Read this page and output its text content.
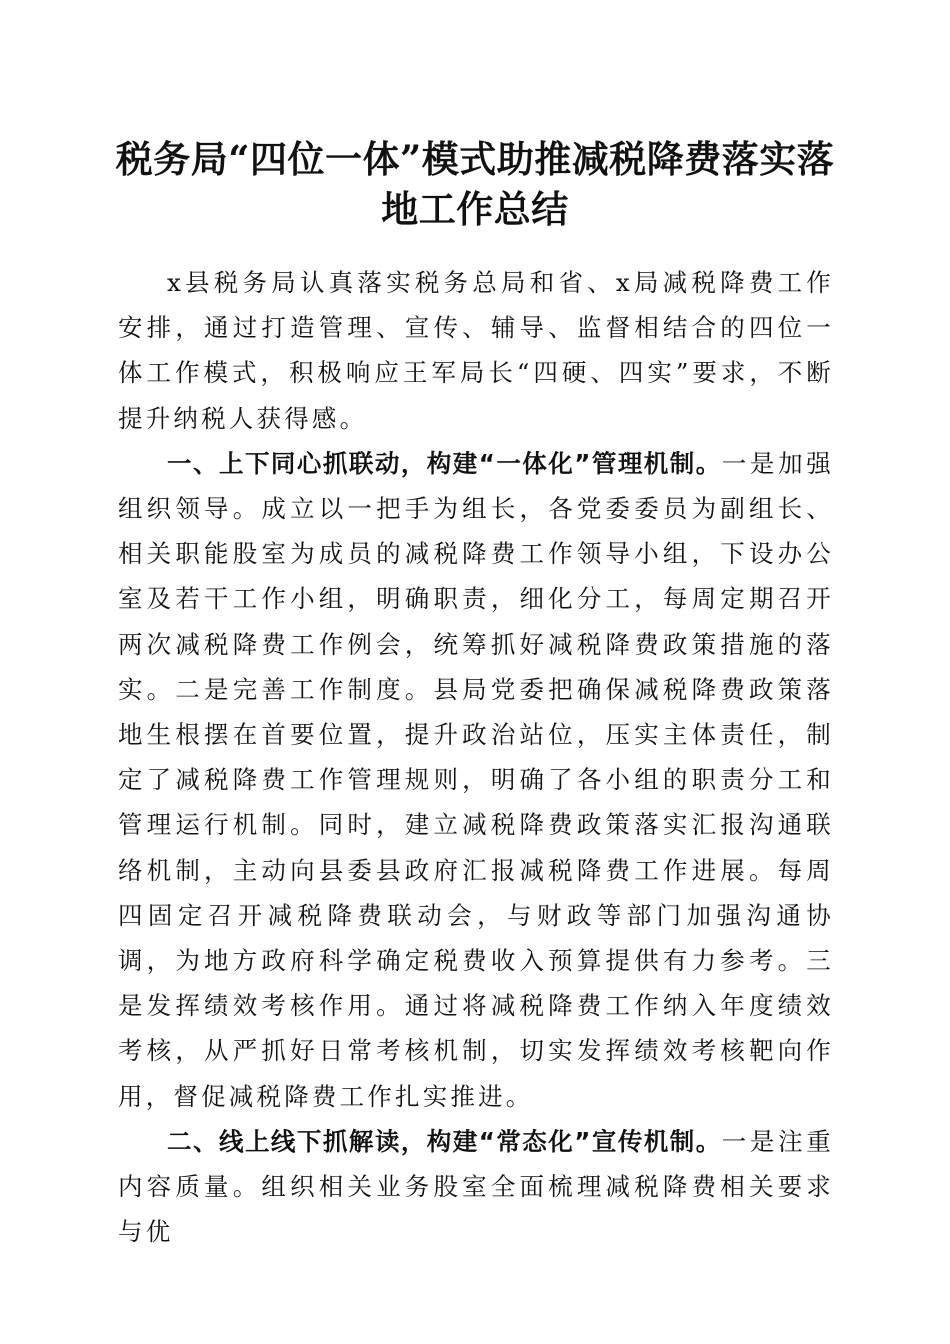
税务局“四位一体”模式助推减税降费落实落
地工作总结

x县税务局认真落实税务总局和省、x局减税降费工作安排，通过打造管理、宣传、辅导、监督相结合的四位一体工作模式，积极响应王军局长“四硬、四实”要求，不断提升纳税人获得感。

一、上下同心抓联动，构建“一体化”管理机制。一是加强组织领导。成立以一把手为组长，各党委委员为副组长、相关职能股室为成员的减税降费工作领导小组，下设办公室及若干工作小组，明确职责，细化分工，每周定期召开两次减税降费工作例会，统筹抓好减税降费政策措施的落实。二是完善工作制度。县局党委把确保减税降费政策落地生根摆在首要位置，提升政治站位，压实主体责任，制定了减税降费工作管理规则，明确了各小组的职责分工和管理运行机制。同时，建立减税降费政策落实汇报沟通联络机制，主动向县委县政府汇报减税降费工作进展。每周四固定召开减税降费联动会，与财政等部门加强沟通协调，为地方政府科学确定税费收入预算提供有力参考。三是发挥绩效考核作用。通过将减税降费工作纳入年度绩效考核，从严抓好日常考核机制，切实发挥绩效考核靶向作用，督促减税降费工作扎实推进。

二、线上线下抓解读，构建“常态化”宣传机制。一是注重内容质量。组织相关业务股室全面梳理减税降费相关要求与优
